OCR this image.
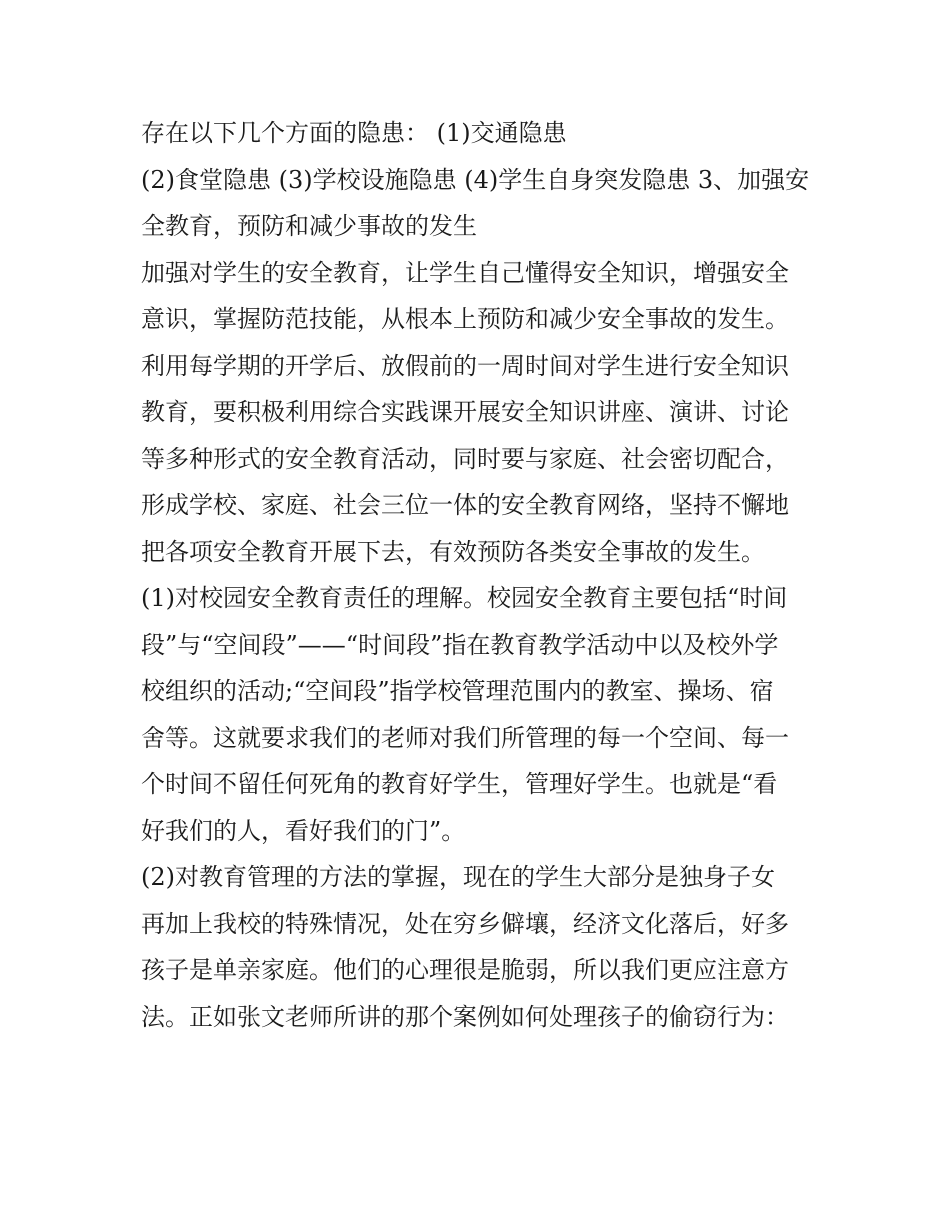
存在以下几个方面的隐患： (1)交通隐患
(2)食堂隐患 (3)学校设施隐患 (4)学生自身突发隐患 3、加强安
全教育，预防和减少事故的发生
加强对学生的安全教育，让学生自己懂得安全知识，增强安全
意识，掌握防范技能，从根本上预防和减少安全事故的发生。
利用每学期的开学后、放假前的一周时间对学生进行安全知识
教育，要积极利用综合实践课开展安全知识讲座、演讲、讨论
等多种形式的安全教育活动，同时要与家庭、社会密切配合，
形成学校、家庭、社会三位一体的安全教育网络，坚持不懈地
把各项安全教育开展下去，有效预防各类安全事故的发生。
(1)对校园安全教育责任的理解。校园安全教育主要包括“时间
段”与“空间段”——“时间段”指在教育教学活动中以及校外学
校组织的活动;“空间段”指学校管理范围内的教室、操场、宿
舍等。这就要求我们的老师对我们所管理的每一个空间、每一
个时间不留任何死角的教育好学生，管理好学生。也就是“看
好我们的人，看好我们的门”。
(2)对教育管理的方法的掌握，现在的学生大部分是独身子女
再加上我校的特殊情况，处在穷乡僻壤，经济文化落后，好多
孩子是单亲家庭。他们的心理很是脆弱，所以我们更应注意方
法。正如张文老师所讲的那个案例如何处理孩子的偷窃行为：
